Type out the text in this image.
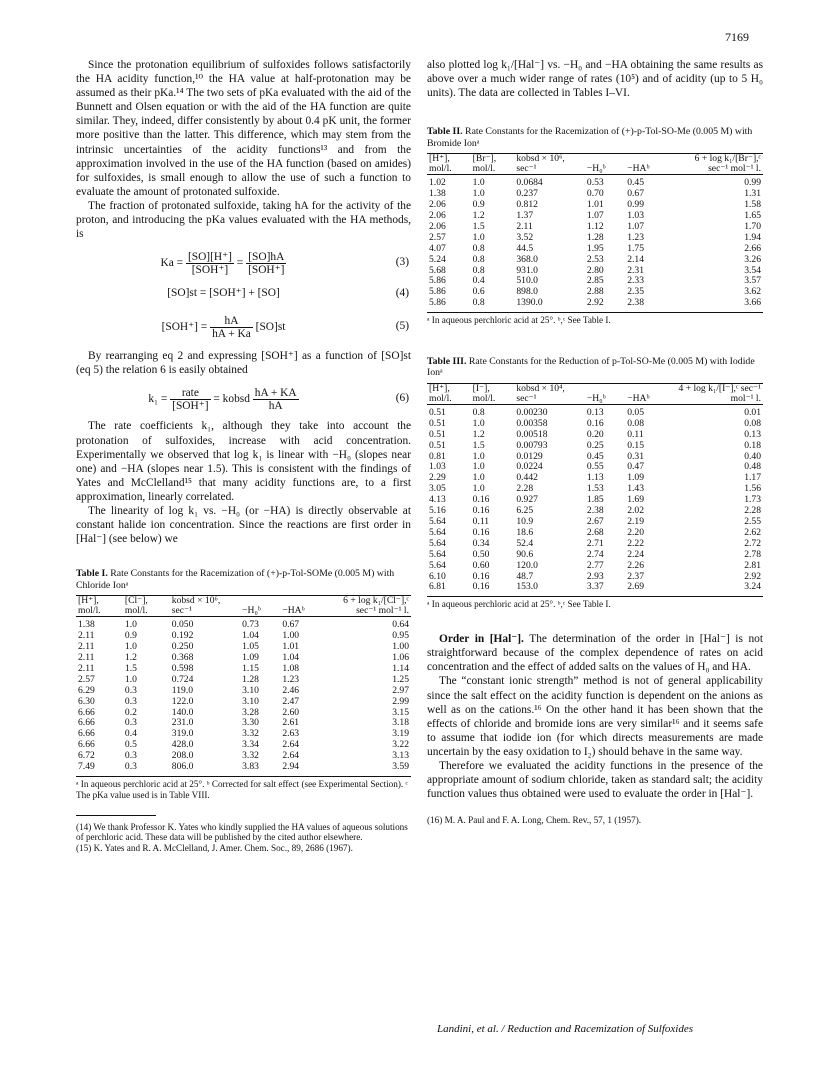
7169

Since the protonation equilibrium of sulfoxides follows satisfactorily the HA acidity function,¹⁰ the HA value at half-protonation may be assumed as their pKa.¹⁴ The two sets of pKa evaluated with the aid of the Bunnett and Olsen equation or with the aid of the HA function are quite similar. They, indeed, differ consistently by about 0.4 pK unit, the former more positive than the latter. This difference, which may stem from the intrinsic uncertainties of the acidity functions¹³ and from the approximation involved in the use of the HA function (based on amides) for sulfoxides, is small enough to allow the use of such a function to evaluate the amount of protonated sulfoxide.

The fraction of protonated sulfoxide, taking hA for the activity of the proton, and introducing the pKa values evaluated with the HA methods, is

$Ka = \frac{[SO][H^+]}{\text{[SOH⁺]}} = \frac{[SO]hA}{\text{[SOH⁺]}}$	(3)
[SO]st = [SOH⁺] + [SO]	(4)
$[SOH^+] = \frac{hA}{hA + Ka} [SO]st$	(5)

By rearranging eq 2 and expressing [SOH⁺] as a function of [SO]st (eq 5) the relation 6 is easily obtained

$k_1 = \frac{\text{rate}}{\text{[SOH⁺]}}$ = kobsd $\frac{hA + KA}{hA}$	(6)

The rate coefficients k₁, although they take into account the protonation of sulfoxides, increase with acid concentration. Experimentally we observed that log k₁ is linear with −H₀ (slopes near one) and −HA (slopes near 1.5). This is consistent with the findings of Yates and McClelland¹⁵ that many acidity functions are, to a first approximation, linearly correlated.

The linearity of log k₁ vs. −H₀ (or −HA) is directly observable at constant halide ion concentration. Since the reactions are first order in [Hal⁻] (see below) we

Table I. Rate Constants for the Racemization of (+)-p-Tol-SOMe (0.005 M) with Chloride Ionᵃ
[H⁺], mol/l.	[Cl⁻], mol/l.	kobsd × 10⁶, sec⁻¹	−H₀ᵇ	−HAᵇ	6 + log k₁/[Cl⁻],ᶜ sec⁻¹ mol⁻¹ l.
1.38	1.0	0.050	0.73	0.67	0.64
2.11	0.9	0.192	1.04	1.00	0.95
2.11	1.0	0.250	1.05	1.01	1.00
2.11	1.2	0.368	1.09	1.04	1.06
2.11	1.5	0.598	1.15	1.08	1.14
2.57	1.0	0.724	1.28	1.23	1.25
6.29	0.3	119.0	3.10	2.46	2.97
6.30	0.3	122.0	3.10	2.47	2.99
6.66	0.2	140.0	3.28	2.60	3.15
6.66	0.3	231.0	3.30	2.61	3.18
6.66	0.4	319.0	3.32	2.63	3.19
6.66	0.5	428.0	3.34	2.64	3.22
6.72	0.3	208.0	3.32	2.64	3.13
7.49	0.3	806.0	3.83	2.94	3.59
ᵃ In aqueous perchloric acid at 25°. ᵇ Corrected for salt effect (see Experimental Section). ᶜ The pKa value used is in Table VIII.
(14) We thank Professor K. Yates who kindly supplied the HA values of aqueous solutions of perchloric acid. These data will be published by the cited author elsewhere.
(15) K. Yates and R. A. McClelland, J. Amer. Chem. Soc., 89, 2686 (1967).

also plotted log k₁/[Hal⁻] vs. −H₀ and −HA obtaining the same results as above over a much wider range of rates (10⁵) and of acidity (up to 5 H₀ units). The data are collected in Tables I–VI.

Table II. Rate Constants for the Racemization of (+)-p-Tol-SO-Me (0.005 M) with Bromide Ionᵃ
[H⁺], mol/l.	[Br⁻], mol/l.	kobsd × 10⁶, sec⁻¹	−H₀ᵇ	−HAᵇ	6 + log k₁/[Br⁻],ᶜ sec⁻¹ mol⁻¹ l.
1.02	1.0	0.0684	0.53	0.45	0.99
1.38	1.0	0.237	0.70	0.67	1.31
2.06	0.9	0.812	1.01	0.99	1.58
2.06	1.2	1.37	1.07	1.03	1.65
2.06	1.5	2.11	1.12	1.07	1.70
2.57	1.0	3.52	1.28	1.23	1.94
4.07	0.8	44.5	1.95	1.75	2.66
5.24	0.8	368.0	2.53	2.14	3.26
5.68	0.8	931.0	2.80	2.31	3.54
5.86	0.4	510.0	2.85	2.33	3.57
5.86	0.6	898.0	2.88	2.35	3.62
5.86	0.8	1390.0	2.92	2.38	3.66
ᵃ In aqueous perchloric acid at 25°. ᵇ,ᶜ See Table I.
Table III. Rate Constants for the Reduction of p-Tol-SO-Me (0.005 M) with Iodide Ionᵃ
[H⁺], mol/l.	[I⁻], mol/l.	kobsd × 10⁴, sec⁻¹	−H₀ᵇ	−HAᵇ	4 + log k₁/[I⁻],ᶜ sec⁻¹ mol⁻¹ l.
0.51	0.8	0.00230	0.13	0.05	0.01
0.51	1.0	0.00358	0.16	0.08	0.08
0.51	1.2	0.00518	0.20	0.11	0.13
0.51	1.5	0.00793	0.25	0.15	0.18
0.81	1.0	0.0129	0.45	0.31	0.40
1.03	1.0	0.0224	0.55	0.47	0.48
2.29	1.0	0.442	1.13	1.09	1.17
3.05	1.0	2.28	1.53	1.43	1.56
4.13	0.16	0.927	1.85	1.69	1.73
5.16	0.16	6.25	2.38	2.02	2.28
5.64	0.11	10.9	2.67	2.19	2.55
5.64	0.16	18.6	2.68	2.20	2.62
5.64	0.34	52.4	2.71	2.22	2.72
5.64	0.50	90.6	2.74	2.24	2.78
5.64	0.60	120.0	2.77	2.26	2.81
6.10	0.16	48.7	2.93	2.37	2.92
6.81	0.16	153.0	3.37	2.69	3.24
ᵃ In aqueous perchloric acid at 25°. ᵇ,ᶜ See Table I.

Order in [Hal⁻]. The determination of the order in [Hal⁻] is not straightforward because of the complex dependence of rates on acid concentration and the effect of added salts on the values of H₀ and HA.

The “constant ionic strength” method is not of general applicability since the salt effect on the acidity function is dependent on the anions as well as on the cations.¹⁶ On the other hand it has been shown that the effects of chloride and bromide ions are very similar¹⁶ and it seems safe to assume that iodide ion (for which directs measurements are made uncertain by the easy oxidation to I₂) should behave in the same way.

Therefore we evaluated the acidity functions in the presence of the appropriate amount of sodium chloride, taken as standard salt; the acidity function values thus obtained were used to evaluate the order in [Hal⁻].

(16) M. A. Paul and F. A. Long, Chem. Rev., 57, 1 (1957).
Landini, et al. / Reduction and Racemization of Sulfoxides
